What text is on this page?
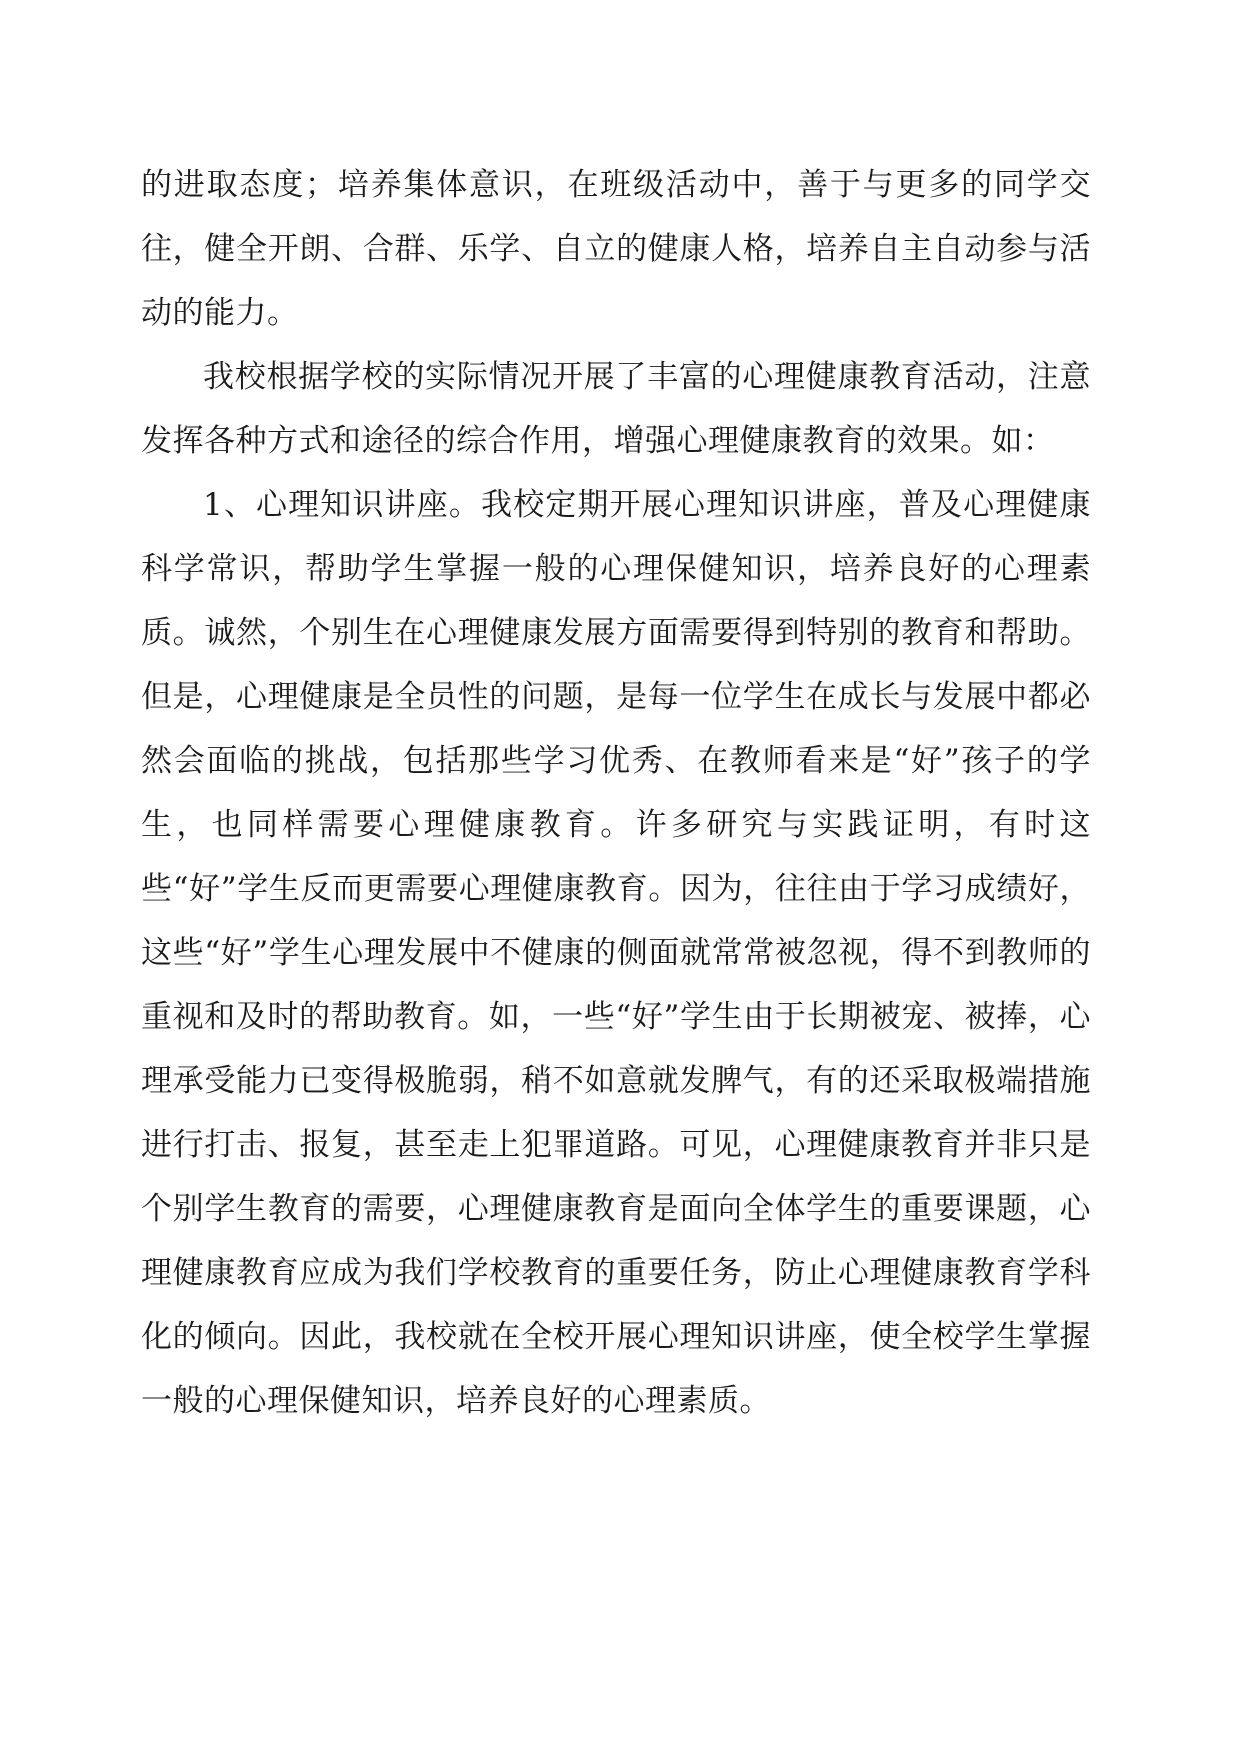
的进取态度；培养集体意识，在班级活动中，善于与更多的同学交往，健全开朗、合群、乐学、自立的健康人格，培养自主自动参与活动的能力。

我校根据学校的实际情况开展了丰富的心理健康教育活动，注意发挥各种方式和途径的综合作用，增强心理健康教育的效果。如：

1、心理知识讲座。我校定期开展心理知识讲座，普及心理健康科学常识，帮助学生掌握一般的心理保健知识，培养良好的心理素质。诚然，个别生在心理健康发展方面需要得到特别的教育和帮助。但是，心理健康是全员性的问题，是每一位学生在成长与发展中都必然会面临的挑战，包括那些学习优秀、在教师看来是“好”孩子的学生，也同样需要心理健康教育。许多研究与实践证明，有时这些“好”学生反而更需要心理健康教育。因为，往往由于学习成绩好，这些“好”学生心理发展中不健康的侧面就常常被忽视，得不到教师的重视和及时的帮助教育。如，一些“好”学生由于长期被宠、被捧，心理承受能力已变得极脆弱，稍不如意就发脾气，有的还采取极端措施进行打击、报复，甚至走上犯罪道路。可见，心理健康教育并非只是个别学生教育的需要，心理健康教育是面向全体学生的重要课题，心理健康教育应成为我们学校教育的重要任务，防止心理健康教育学科化的倾向。因此，我校就在全校开展心理知识讲座，使全校学生掌握一般的心理保健知识，培养良好的心理素质。
